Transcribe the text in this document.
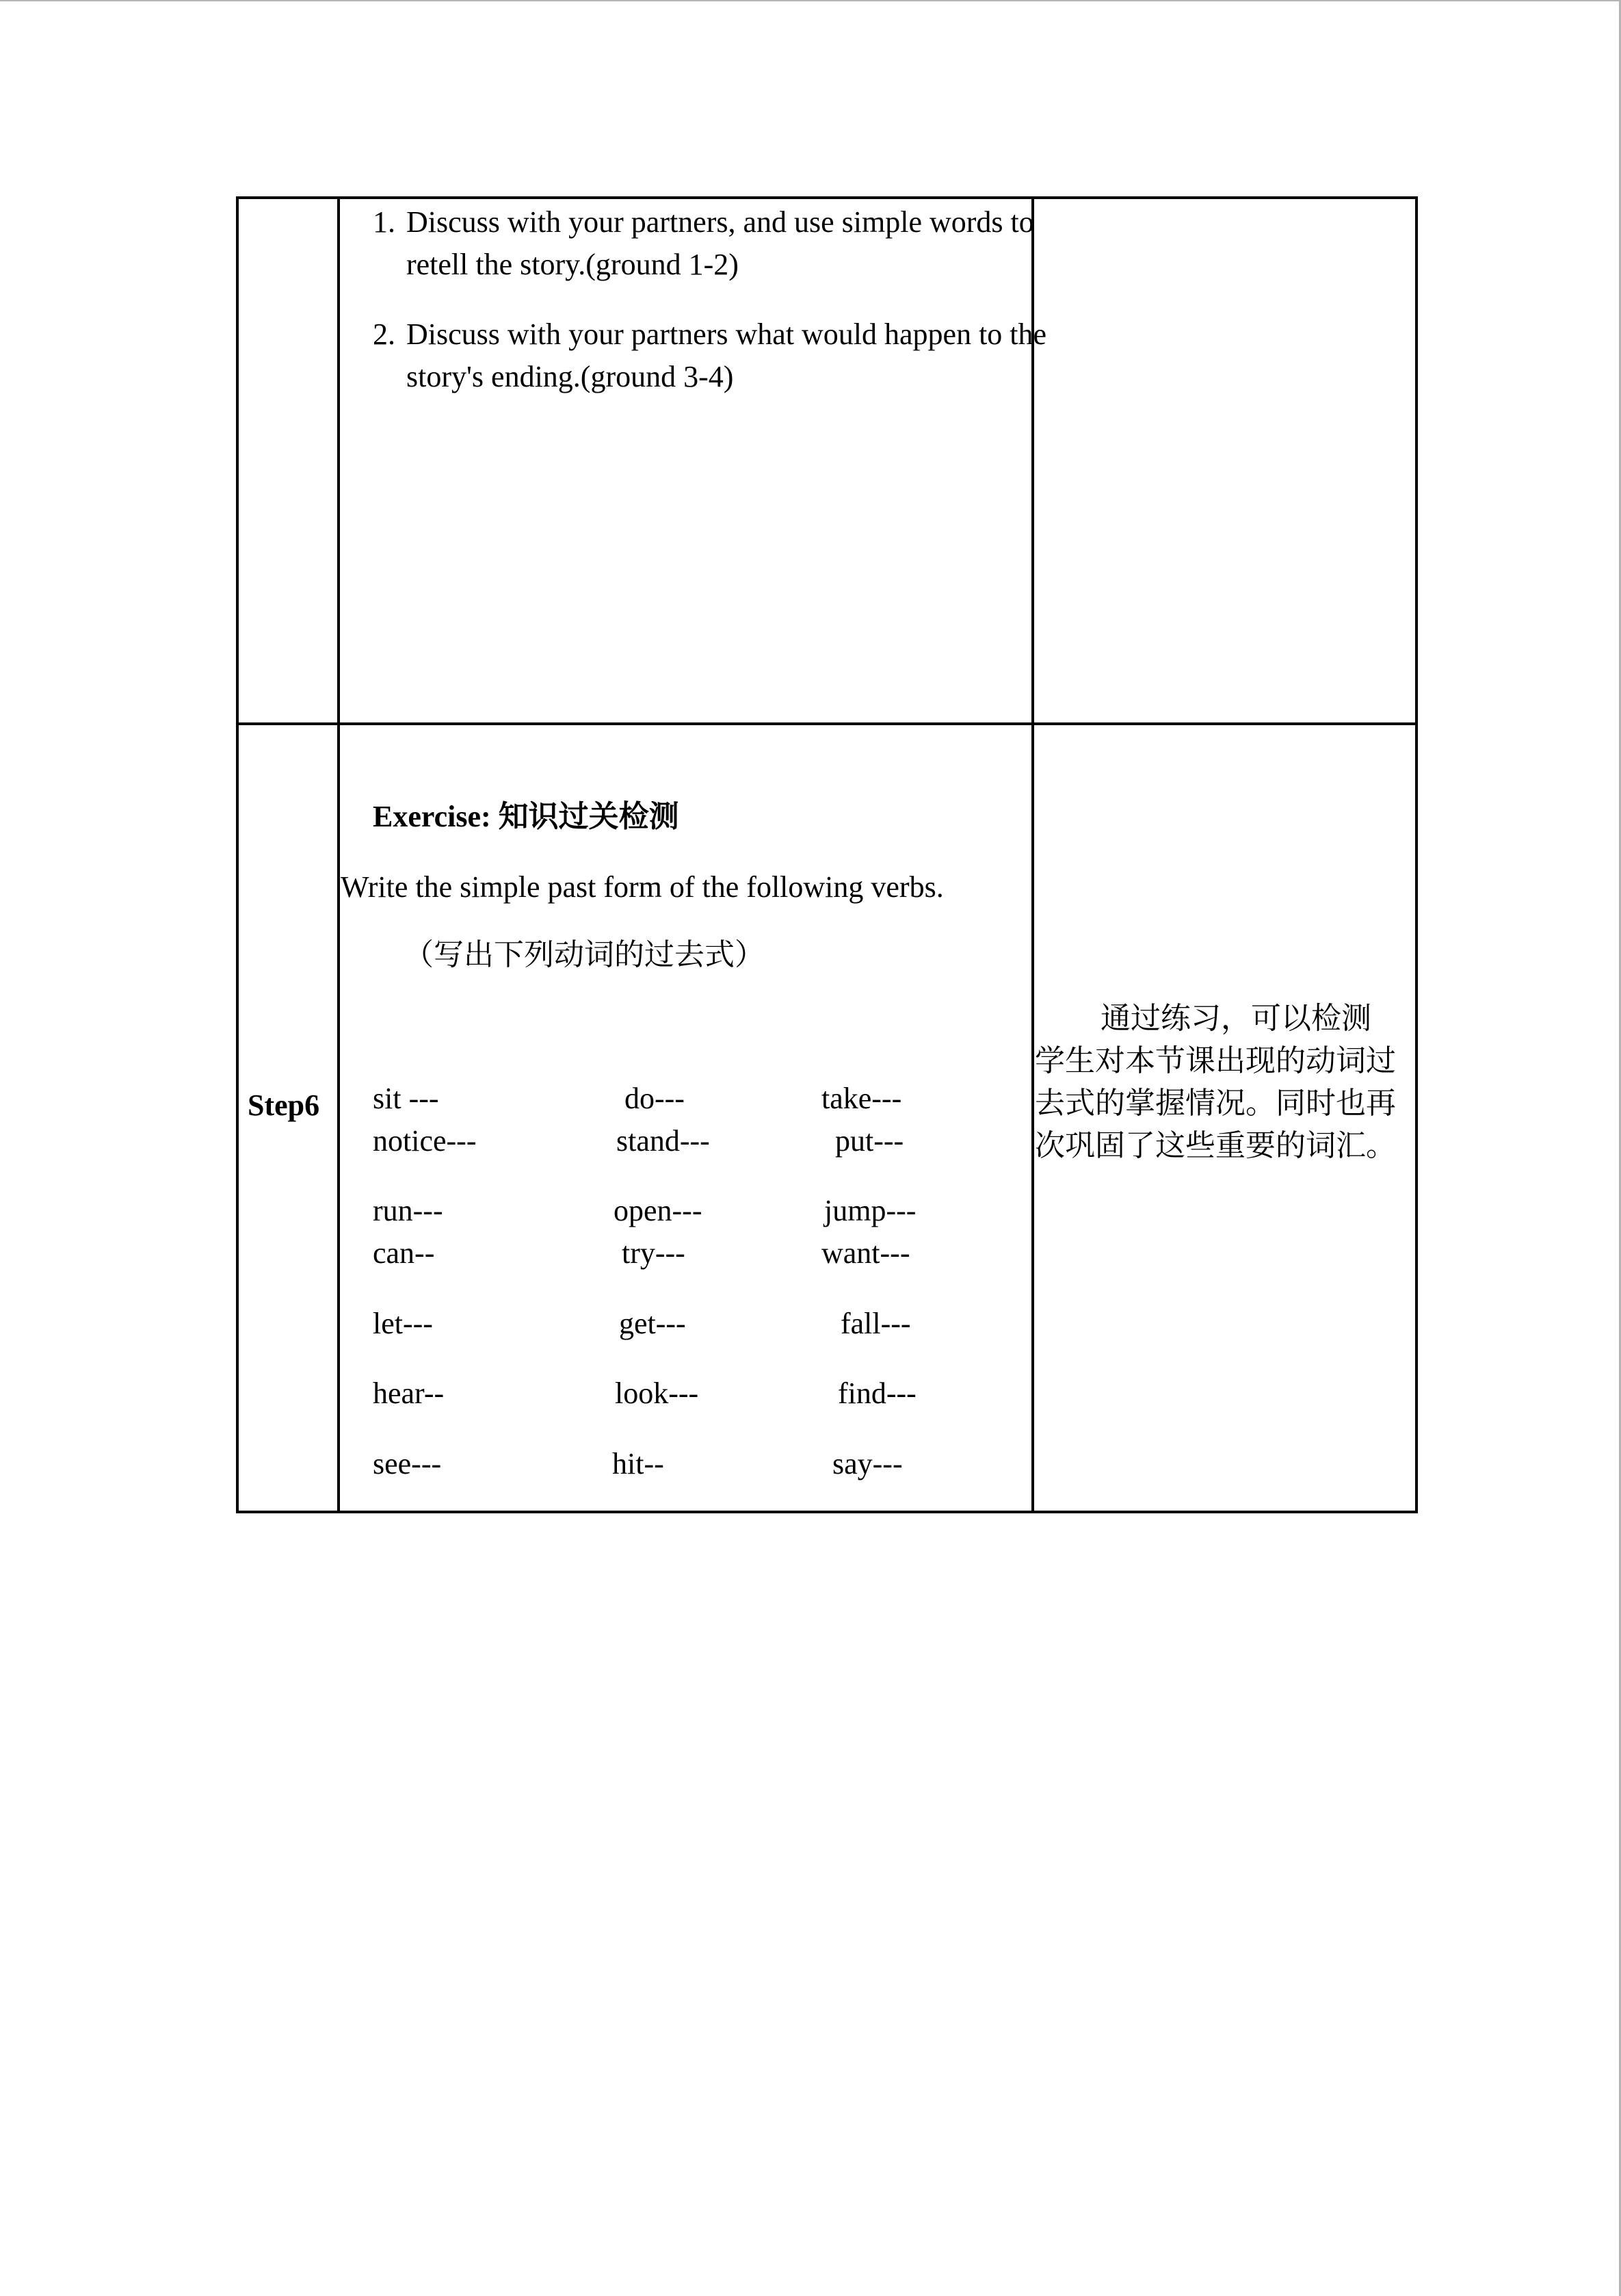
1. Discuss with your partners, and use simple words to retell the story.(ground 1-2)
2. Discuss with your partners what would happen to the story's ending.(ground 3-4)
Step6
Exercise: 知识过关检测
Write the simple past form of the following verbs.
（写出下列动词的过去式）
sit ---	do---	take---
notice---	stand---	put---
run---	open---	jump---
can--	try---	want---
let---	get---	fall---
hear--	look---	find---
see---	hit--	say---
通过练习，可以检测学生对本节课出现的动词过去式的掌握情况。同时也再次巩固了这些重要的词汇。
